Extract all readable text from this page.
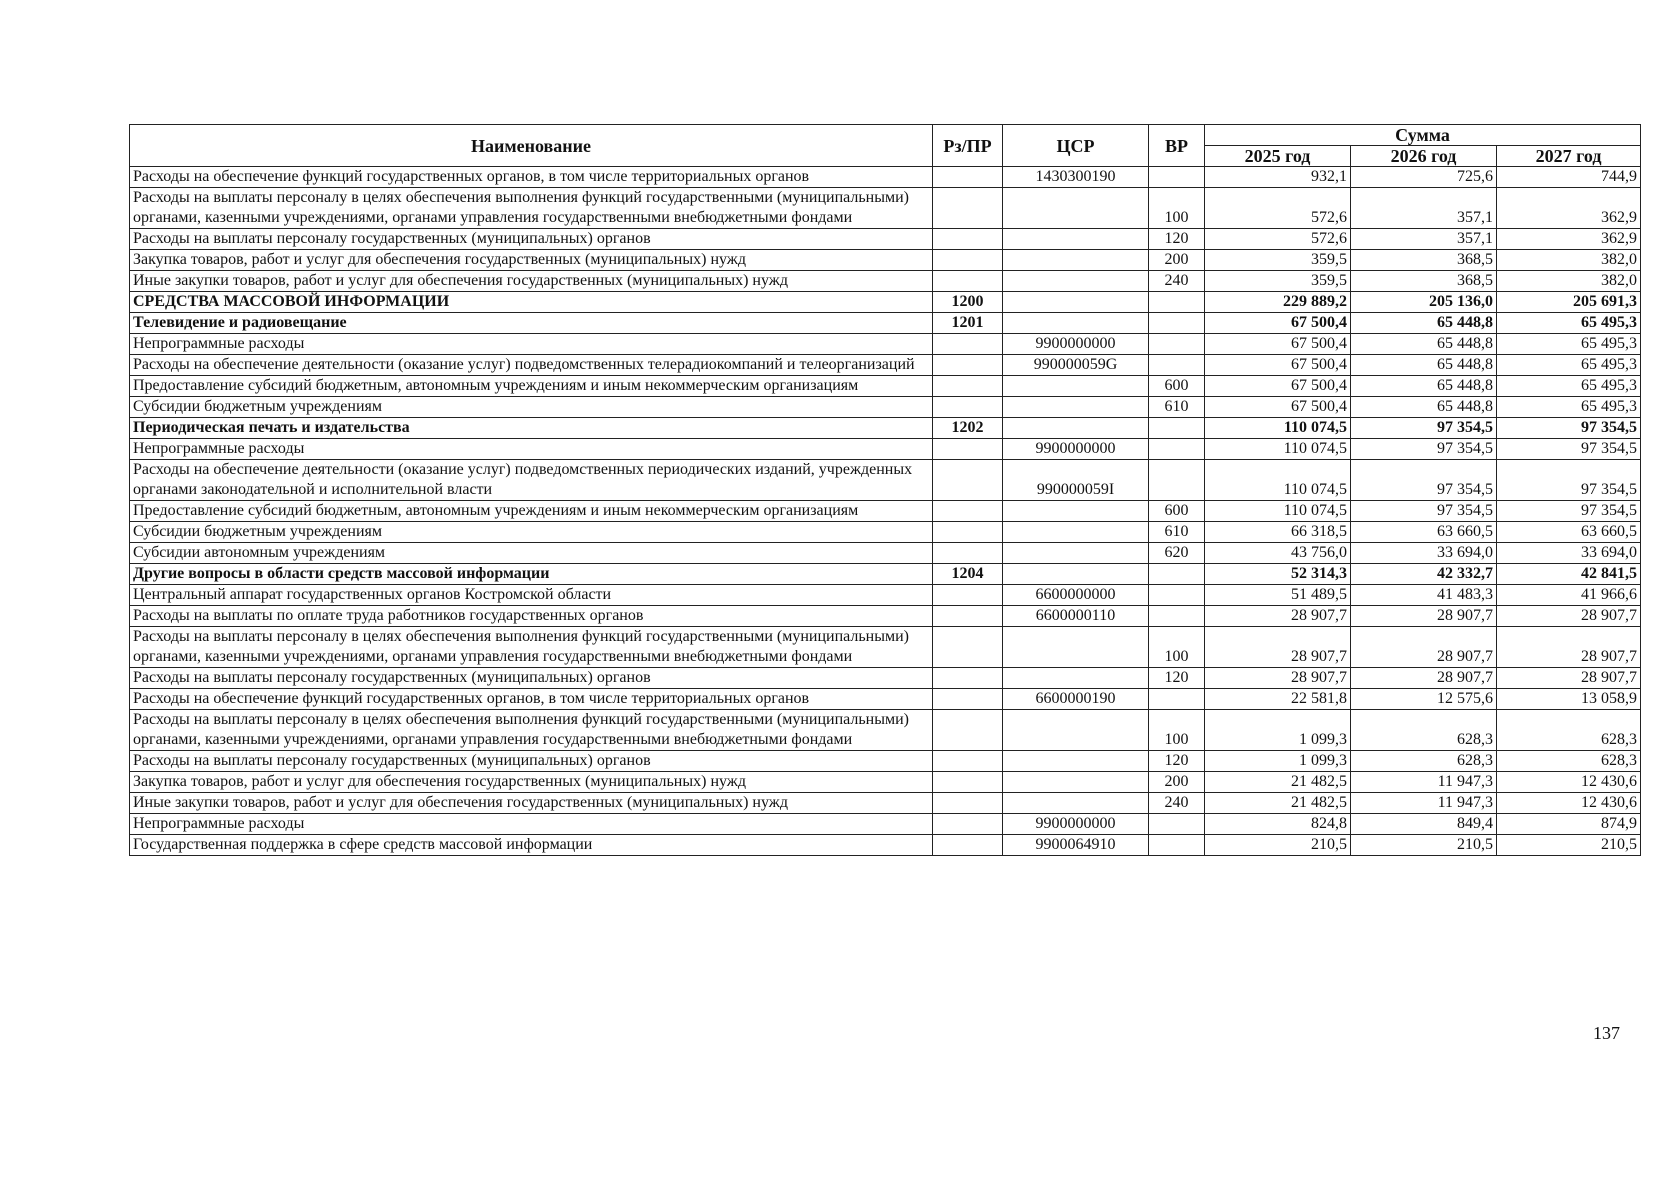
Наименование	Рз/ПР	ЦСР	ВР	Сумма		
				2025 год	2026 год	2027 год
Расходы на обеспечение функций государственных органов, в том числе территориальных органов		1430300190		932,1	725,6	744,9
Расходы на выплаты персоналу в целях обеспечения выполнения функций государственными (муниципальными) органами, казенными учреждениями, органами управления государственными внебюджетными фондами			100	572,6	357,1	362,9
Расходы на выплаты персоналу государственных (муниципальных) органов			120	572,6	357,1	362,9
Закупка товаров, работ и услуг для обеспечения государственных (муниципальных) нужд			200	359,5	368,5	382,0
Иные закупки товаров, работ и услуг для обеспечения государственных (муниципальных) нужд			240	359,5	368,5	382,0
СРЕДСТВА МАССОВОЙ ИНФОРМАЦИИ	1200			229 889,2	205 136,0	205 691,3
Телевидение и радиовещание	1201			67 500,4	65 448,8	65 495,3
Непрограммные расходы		9900000000		67 500,4	65 448,8	65 495,3
Расходы на обеспечение деятельности (оказание услуг) подведомственных телерадиокомпаний и телеорганизаций		990000059G		67 500,4	65 448,8	65 495,3
Предоставление субсидий бюджетным, автономным учреждениям и иным некоммерческим организациям			600	67 500,4	65 448,8	65 495,3
Субсидии бюджетным учреждениям			610	67 500,4	65 448,8	65 495,3
Периодическая печать и издательства	1202			110 074,5	97 354,5	97 354,5
Непрограммные расходы		9900000000		110 074,5	97 354,5	97 354,5
Расходы на обеспечение деятельности (оказание услуг) подведомственных периодических изданий, учрежденных органами законодательной и исполнительной власти		990000059I		110 074,5	97 354,5	97 354,5
Предоставление субсидий бюджетным, автономным учреждениям и иным некоммерческим организациям			600	110 074,5	97 354,5	97 354,5
Субсидии бюджетным учреждениям			610	66 318,5	63 660,5	63 660,5
Субсидии автономным учреждениям			620	43 756,0	33 694,0	33 694,0
Другие вопросы в области средств массовой информации	1204			52 314,3	42 332,7	42 841,5
Центральный аппарат государственных органов Костромской области		6600000000		51 489,5	41 483,3	41 966,6
Расходы на выплаты по оплате труда работников государственных органов		6600000110		28 907,7	28 907,7	28 907,7
Расходы на выплаты персоналу в целях обеспечения выполнения функций государственными (муниципальными) органами, казенными учреждениями, органами управления государственными внебюджетными фондами			100	28 907,7	28 907,7	28 907,7
Расходы на выплаты персоналу государственных (муниципальных) органов			120	28 907,7	28 907,7	28 907,7
Расходы на обеспечение функций государственных органов, в том числе территориальных органов		6600000190		22 581,8	12 575,6	13 058,9
Расходы на выплаты персоналу в целях обеспечения выполнения функций государственными (муниципальными) органами, казенными учреждениями, органами управления государственными внебюджетными фондами			100	1 099,3	628,3	628,3
Расходы на выплаты персоналу государственных (муниципальных) органов			120	1 099,3	628,3	628,3
Закупка товаров, работ и услуг для обеспечения государственных (муниципальных) нужд			200	21 482,5	11 947,3	12 430,6
Иные закупки товаров, работ и услуг для обеспечения государственных (муниципальных) нужд			240	21 482,5	11 947,3	12 430,6
Непрограммные расходы		9900000000		824,8	849,4	874,9
Государственная поддержка в сфере средств массовой информации		9900064910		210,5	210,5	210,5
137
